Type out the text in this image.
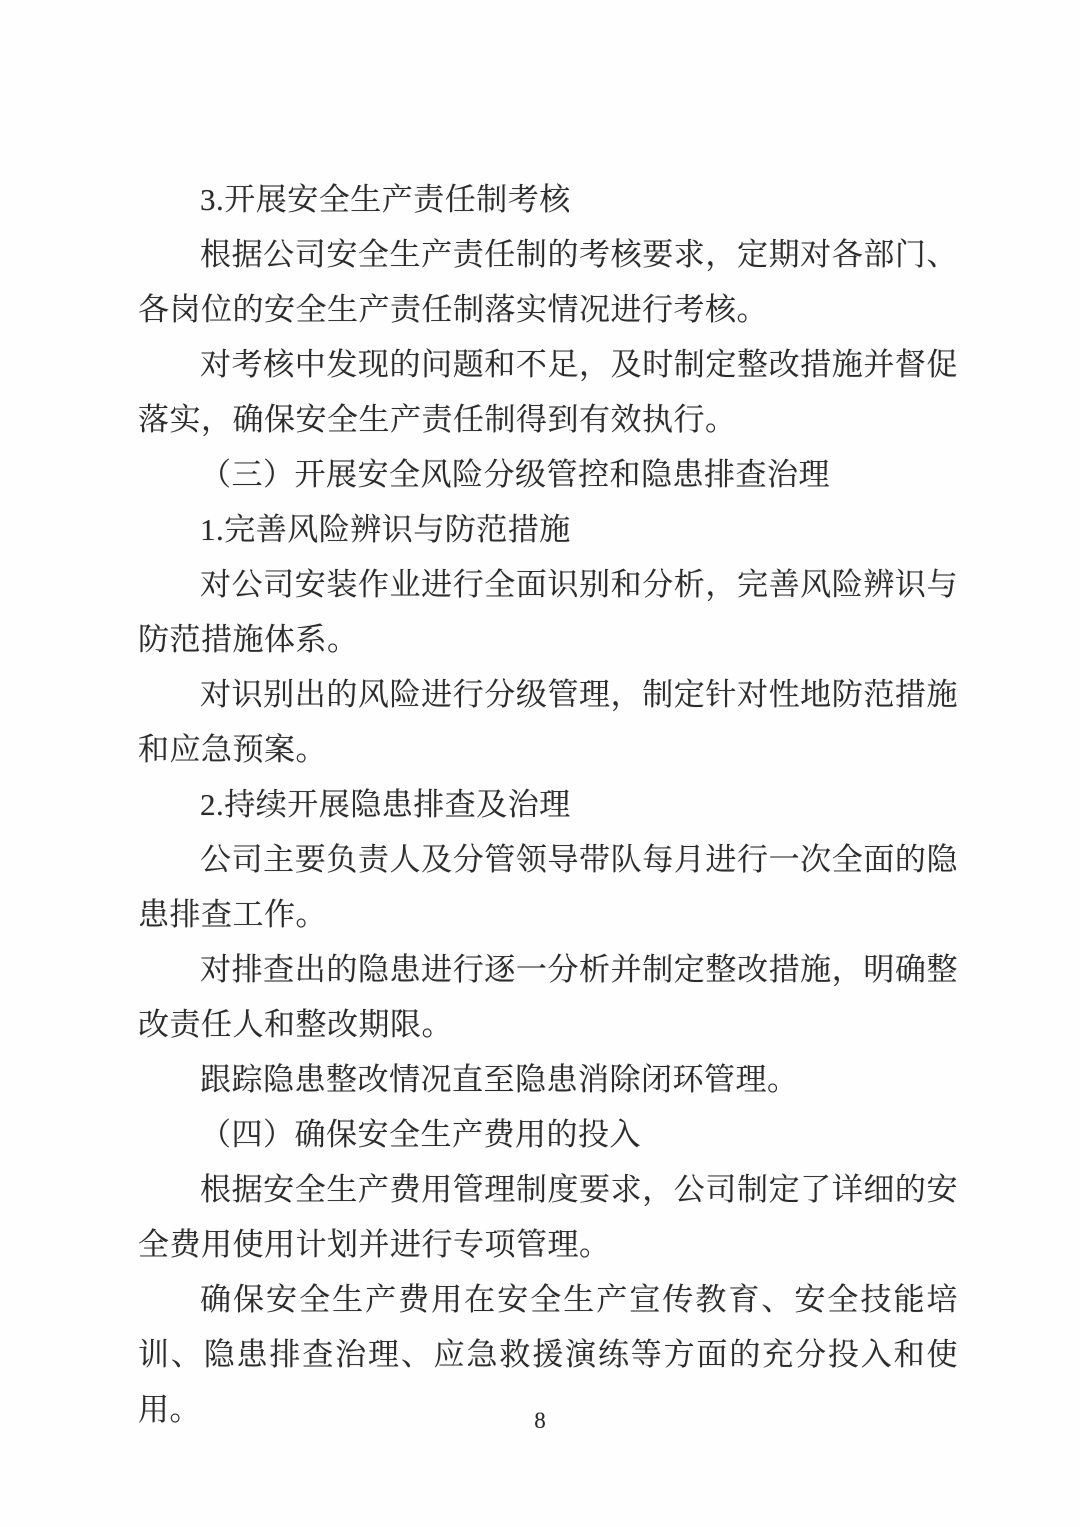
3.开展安全生产责任制考核

根据公司安全生产责任制的考核要求，定期对各部门、各岗位的安全生产责任制落实情况进行考核。

对考核中发现的问题和不足，及时制定整改措施并督促落实，确保安全生产责任制得到有效执行。

（三）开展安全风险分级管控和隐患排查治理

1.完善风险辨识与防范措施

对公司安装作业进行全面识别和分析，完善风险辨识与防范措施体系。

对识别出的风险进行分级管理，制定针对性地防范措施和应急预案。

2.持续开展隐患排查及治理

公司主要负责人及分管领导带队每月进行一次全面的隐患排查工作。

对排查出的隐患进行逐一分析并制定整改措施，明确整改责任人和整改期限。

跟踪隐患整改情况直至隐患消除闭环管理。

（四）确保安全生产费用的投入

根据安全生产费用管理制度要求，公司制定了详细的安全费用使用计划并进行专项管理。

确保安全生产费用在安全生产宣传教育、安全技能培训、隐患排查治理、应急救援演练等方面的充分投入和使用。	8
